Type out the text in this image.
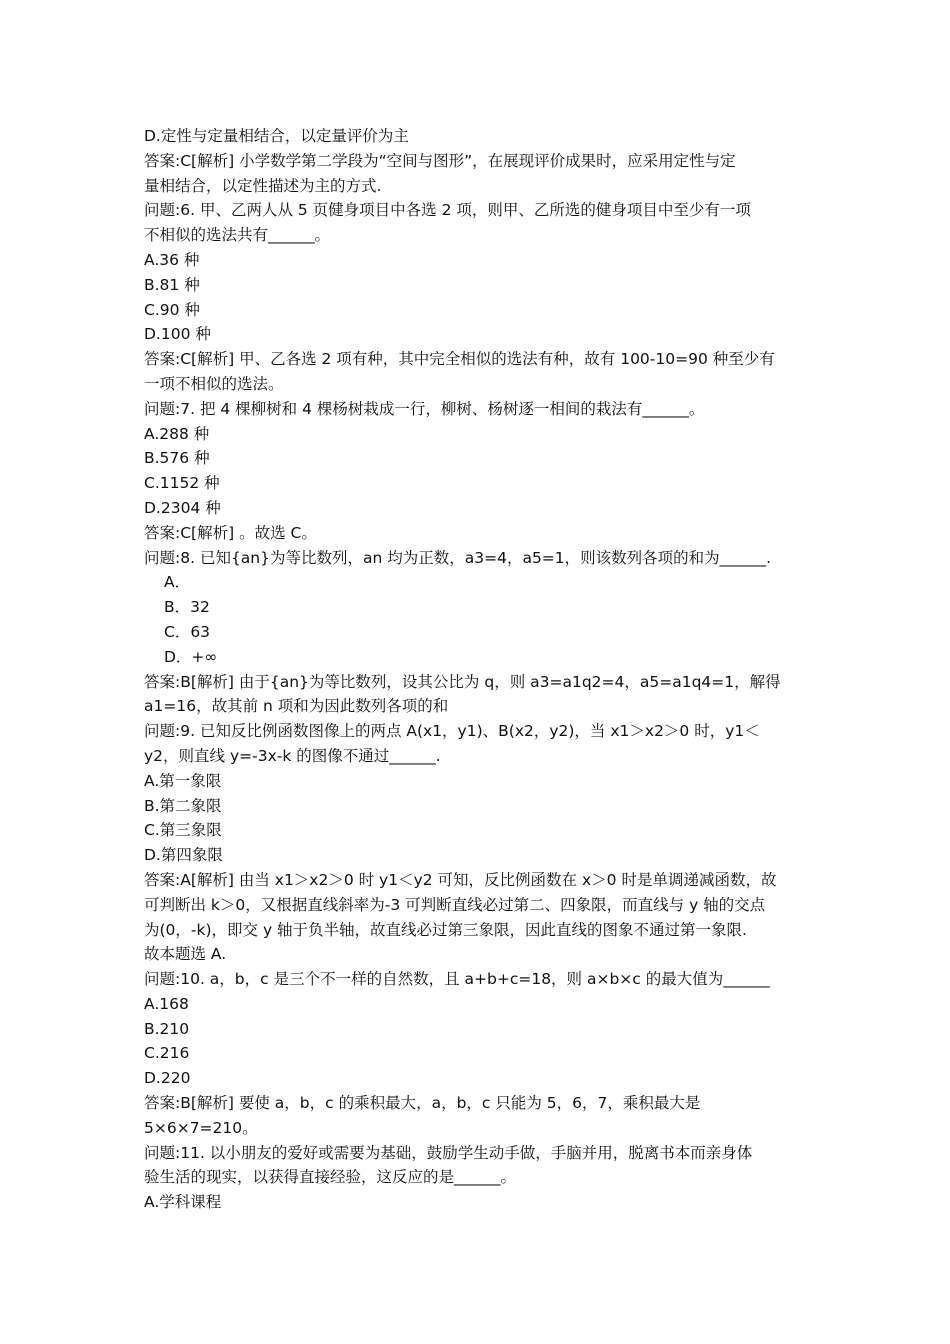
D.定性与定量相结合，以定量评价为主
答案:C[解析] 小学数学第二学段为“空间与图形”，在展现评价成果时，应采用定性与定
量相结合，以定性描述为主的方式.
问题:6. 甲、乙两人从 5 页健身项目中各选 2 项，则甲、乙所选的健身项目中至少有一项
不相似的选法共有______。
A.36 种
B.81 种
C.90 种
D.100 种
答案:C[解析] 甲、乙各选 2 项有种，其中完全相似的选法有种，故有 100-10=90 种至少有
一项不相似的选法。
问题:7. 把 4 棵柳树和 4 棵杨树栽成一行，柳树、杨树逐一相间的栽法有______。
A.288 种
B.576 种
C.1152 种
D.2304 种
答案:C[解析] 。故选 C。
问题:8. 已知{an}为等比数列，an 均为正数，a3=4，a5=1，则该数列各项的和为______.
A．
B．32
C．63
D．+∞
答案:B[解析] 由于{an}为等比数列，设其公比为 q，则 a3=a1q2=4，a5=a1q4=1，解得
a1=16，故其前 n 项和为因此数列各项的和
问题:9. 已知反比例函数图像上的两点 A(x1，y1)、B(x2，y2)，当 x1＞x2＞0 时，y1＜
y2，则直线 y=-3x-k 的图像不通过______.
A.第一象限
B.第二象限
C.第三象限
D.第四象限
答案:A[解析] 由当 x1＞x2＞0 时 y1＜y2 可知，反比例函数在 x＞0 时是单调递减函数，故
可判断出 k＞0，又根据直线斜率为-3 可判断直线必过第二、四象限，而直线与 y 轴的交点
为(0，-k)，即交 y 轴于负半轴，故直线必过第三象限，因此直线的图象不通过第一象限.
故本题选 A.
问题:10. a，b，c 是三个不一样的自然数，且 a+b+c=18，则 a×b×c 的最大值为______
A.168
B.210
C.216
D.220
答案:B[解析] 要使 a，b，c 的乘积最大，a，b，c 只能为 5，6，7，乘积最大是
5×6×7=210。
问题:11. 以小朋友的爱好或需要为基础，鼓励学生动手做，手脑并用，脱离书本而亲身体
验生活的现实，以获得直接经验，这反应的是______。
A.学科课程
